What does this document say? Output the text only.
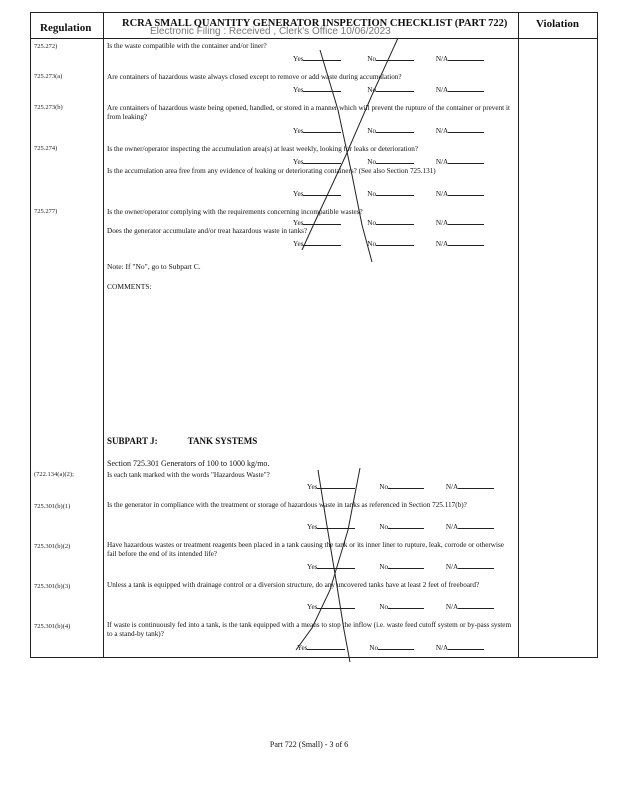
Regulation	RCRA SMALL QUANTITY GENERATOR INSPECTION CHECKLIST (PART 722)	Violation
Electronic Filing : Received , Clerk's Office 10/06/2023
725.272)	Is the waste compatible with the container and/or liner?
Yes	No	N/A
725.273(a)	Are containers of hazardous waste always closed except to remove or add waste during accumulation?
Yes	No	N/A
725.273(b)	Are containers of hazardous waste being opened, handled, or stored in a manner which will prevent the rupture of the container or prevent it from leaking?
Yes	No	N/A
725.274)	Is the owner/operator inspecting the accumulation area(s) at least weekly, looking for leaks or deterioration?
Yes	No	N/A
Is the accumulation area free from any evidence of leaking or deteriorating containers? (See also Section 725.131)
Yes	No	N/A
725.277)	Is the owner/operator complying with the requirements concerning incompatible wastes?
Yes	No	N/A
Does the generator accumulate and/or treat hazardous waste in tanks?
Yes	No	N/A
Note: If "No", go to Subpart C.
COMMENTS:
SUBPART J:	TANK SYSTEMS
Section 725.301 Generators of 100 to 1000 kg/mo.
(722.134(a)(2);	Is each tank marked with the words "Hazardous Waste"?
Yes	No	N/A
725.301(b)(1)	Is the generator in compliance with the treatment or storage of hazardous waste in tanks as referenced in Section 725.117(b)?
Yes	No	N/A
725.301(b)(2)	Have hazardous wastes or treatment reagents been placed in a tank causing the tank or its inner liner to rupture, leak, corrode or otherwise fail before the end of its intended life?
Yes	No	N/A
725.301(b)(3)	Unless a tank is equipped with drainage control or a diversion structure, do any uncovered tanks have at least 2 feet of freeboard?
Yes	No	N/A
725.301(b)(4)	If waste is continuously fed into a tank, is the tank equipped with a means to stop the inflow (i.e. waste feed cutoff system or by-pass system to a stand-by tank)?
Yes	No	N/A
Part 722 (Small) - 3 of 6
